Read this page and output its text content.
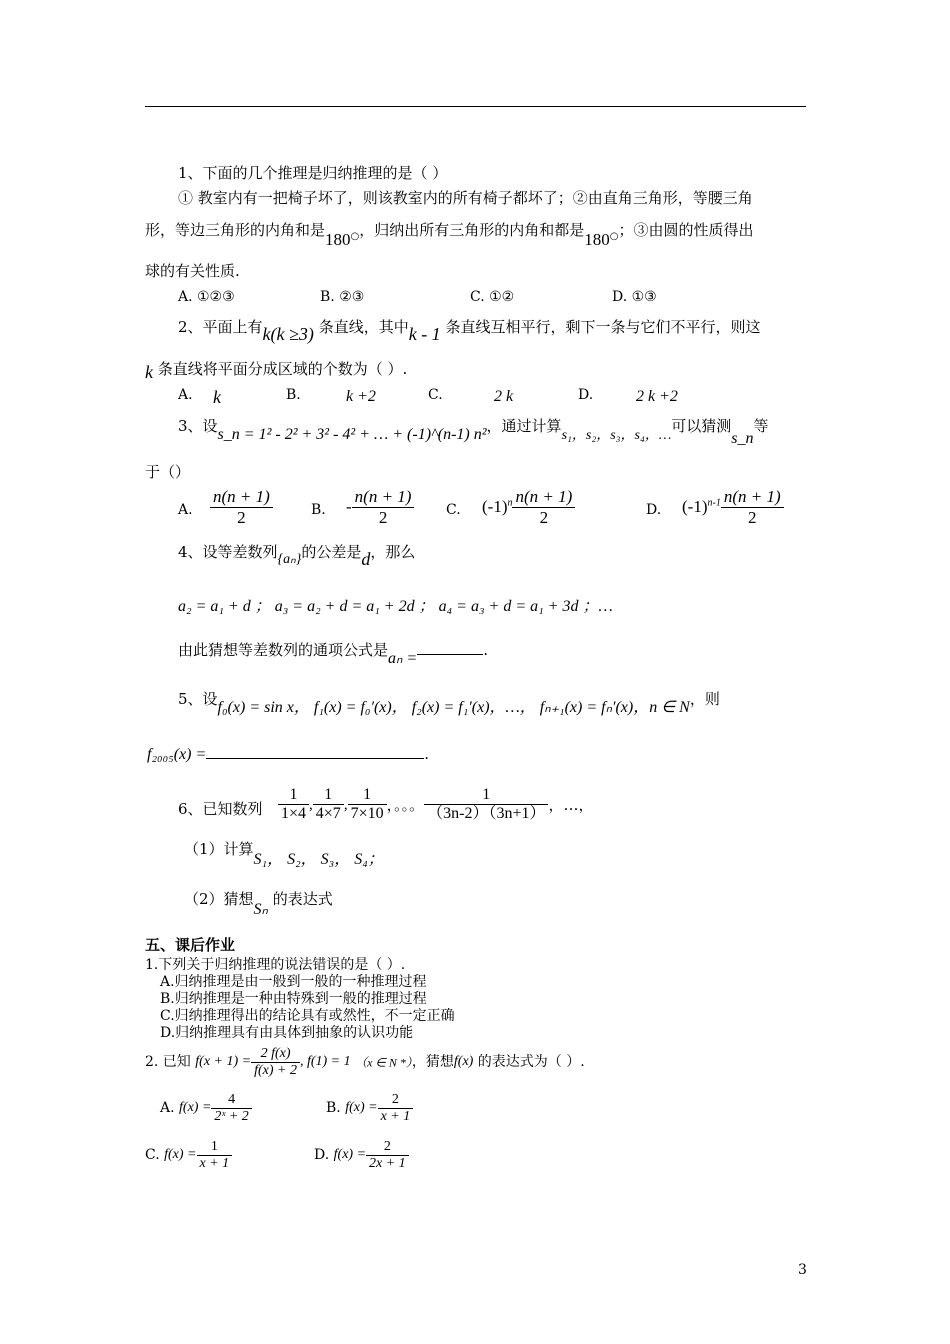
1、下面的几个推理是归纳推理的是（ ）
① 教室内有一把椅子坏了，则该教室内的所有椅子都坏了；②由直角三角形，等腰三角
形，等边三角形的内角和是$180_○$，归纳出所有三角形的内角和都是$180_○$；③由圆的性质得出
球的有关性质.
A. ①②③	B. ②③	C. ①②	D. ①③
2、平面上有k(k ≥3) 条直线，其中k - 1 条直线互相平行，剩下一条与它们不平行，则这
k 条直线将平面分成区域的个数为（ ）.
A. k	B.	k +2	C.	2 k	D.	2 k +2
3、设s_n = 1² - 2² + 3² - 4² + … + (-1)^(n-1) n²，通过计算s₁，s₂，s₃，s₄，…可以猜测s_n等
于（）
A. $\frac{n(n + 1)}{2}$	B. - $\frac{n(n + 1)}{2} C$. $(-1)^n \frac{n(n + 1)}{2}$	D. $(-1)^{n-1} \frac{n(n + 1)}{2}$
4、设等差数列{aₙ}的公差是d，那么
a₂ = a₁ + d ； a₃ = a₂ + d = a₁ + 2d ； a₄ = a₃ + d = a₁ + 3d ；…
由此猜想等差数列的通项公式是aₙ =	.
5、设f₀(x) = sin x， f₁(x) = f₀′(x)， f₂(x) = f₁′(x)，…， fₙ₊₁(x) = fₙ′(x)，n ∈ N，则
f₂₀₀₅(x) =	.
6、已知数列 $\frac{1}{1\times 4}$ , $\frac{1}{4\times 7}$ , $\frac{1}{7\times 10}$ ，。。。 $\frac{1}{(3n-2)(3n+1)}$ ，…，
（1）计算S₁， S₂， S₃， S₄；
（2）猜想Sₙ 的表达式
五、课后作业
1.下列关于归纳推理的说法错误的是（ ）.
A.归纳推理是由一般到一般的一种推理过程
B.归纳推理是一种由特殊到一般的推理过程
C.归纳推理得出的结论具有或然性，不一定正确
D.归纳推理具有由具体到抽象的认识功能
2. 已知 $f(x + 1) = \frac{2 f(x)}{f(x) + 2}$ , f(1) = 1 （x ∈ N *），猜想f(x) 的表达式为（ ）.
A. $f(x) = \frac{4}{\text{2ˣ + 2}}$	B. $f(x) = \frac{2}{x + 1}$
C. $f(x) = \frac{1}{x + 1}$	D. $f(x) = \frac{2}{2x + 1}$
3
